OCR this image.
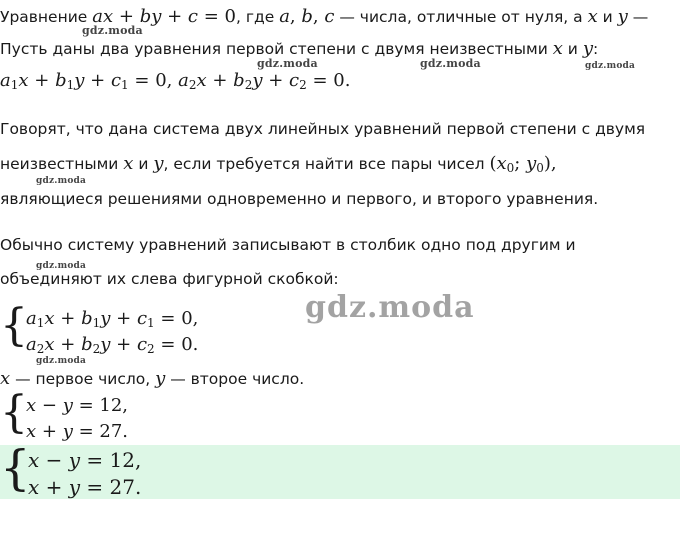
Уравнение ax + by + c = 0, где a, b, c — числа, отличные от нуля, а x и y —
Пусть даны два уравнения первой степени с двумя неизвестными x и y:
$a_1x + b_1y + c_1 = 0$, $a_2x + b_2y + c_2 = 0$.
Говорят, что дана система двух линейных уравнений первой степени с двумя
неизвестными x и y, если требуется найти все пары чисел ($x_0$; $y_0$),
являющиеся решениями одновременно и первого, и второго уравнения.
Обычно систему уравнений записывают в столбик одно под другим и
объединяют их слева фигурной скобкой:
{
$a_1x + b_1y + c_1 = 0$,
$a_2x + b_2y + c_2 = 0$.
x — первое число, y — второе число.
{
x − y = 12,
x + y = 27.
{
x − y = 12,
x + y = 27.
gdz.moda
gdz.moda	gdz.moda	gdz.moda
gdz.moda
gdz.moda
gdz.moda
gdz.moda
